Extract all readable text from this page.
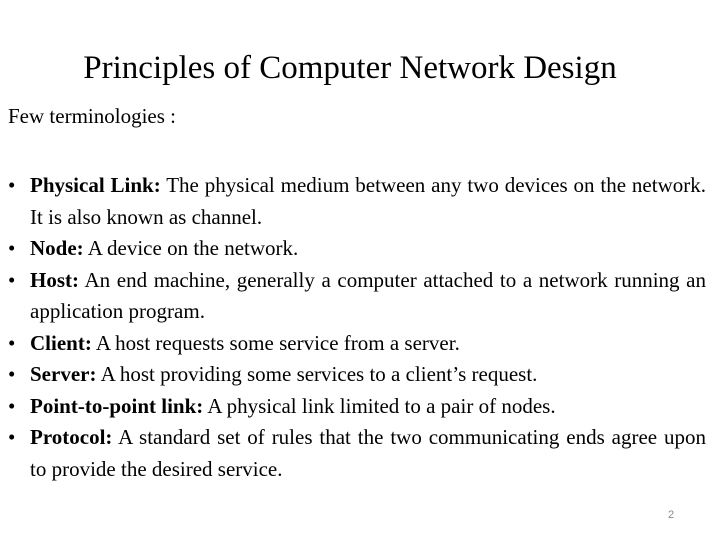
Principles of Computer Network Design
Few terminologies :
• Physical Link: The physical medium between any two devices on the network. It is also known as channel.
• Node: A device on the network.
• Host: An end machine, generally a computer attached to a network running an application program.
• Client: A host requests some service from a server.
• Server: A host providing some services to a client’s request.
• Point-to-point link: A physical link limited to a pair of nodes.
• Protocol: A standard set of rules that the two communicating ends agree upon to provide the desired service.
2
